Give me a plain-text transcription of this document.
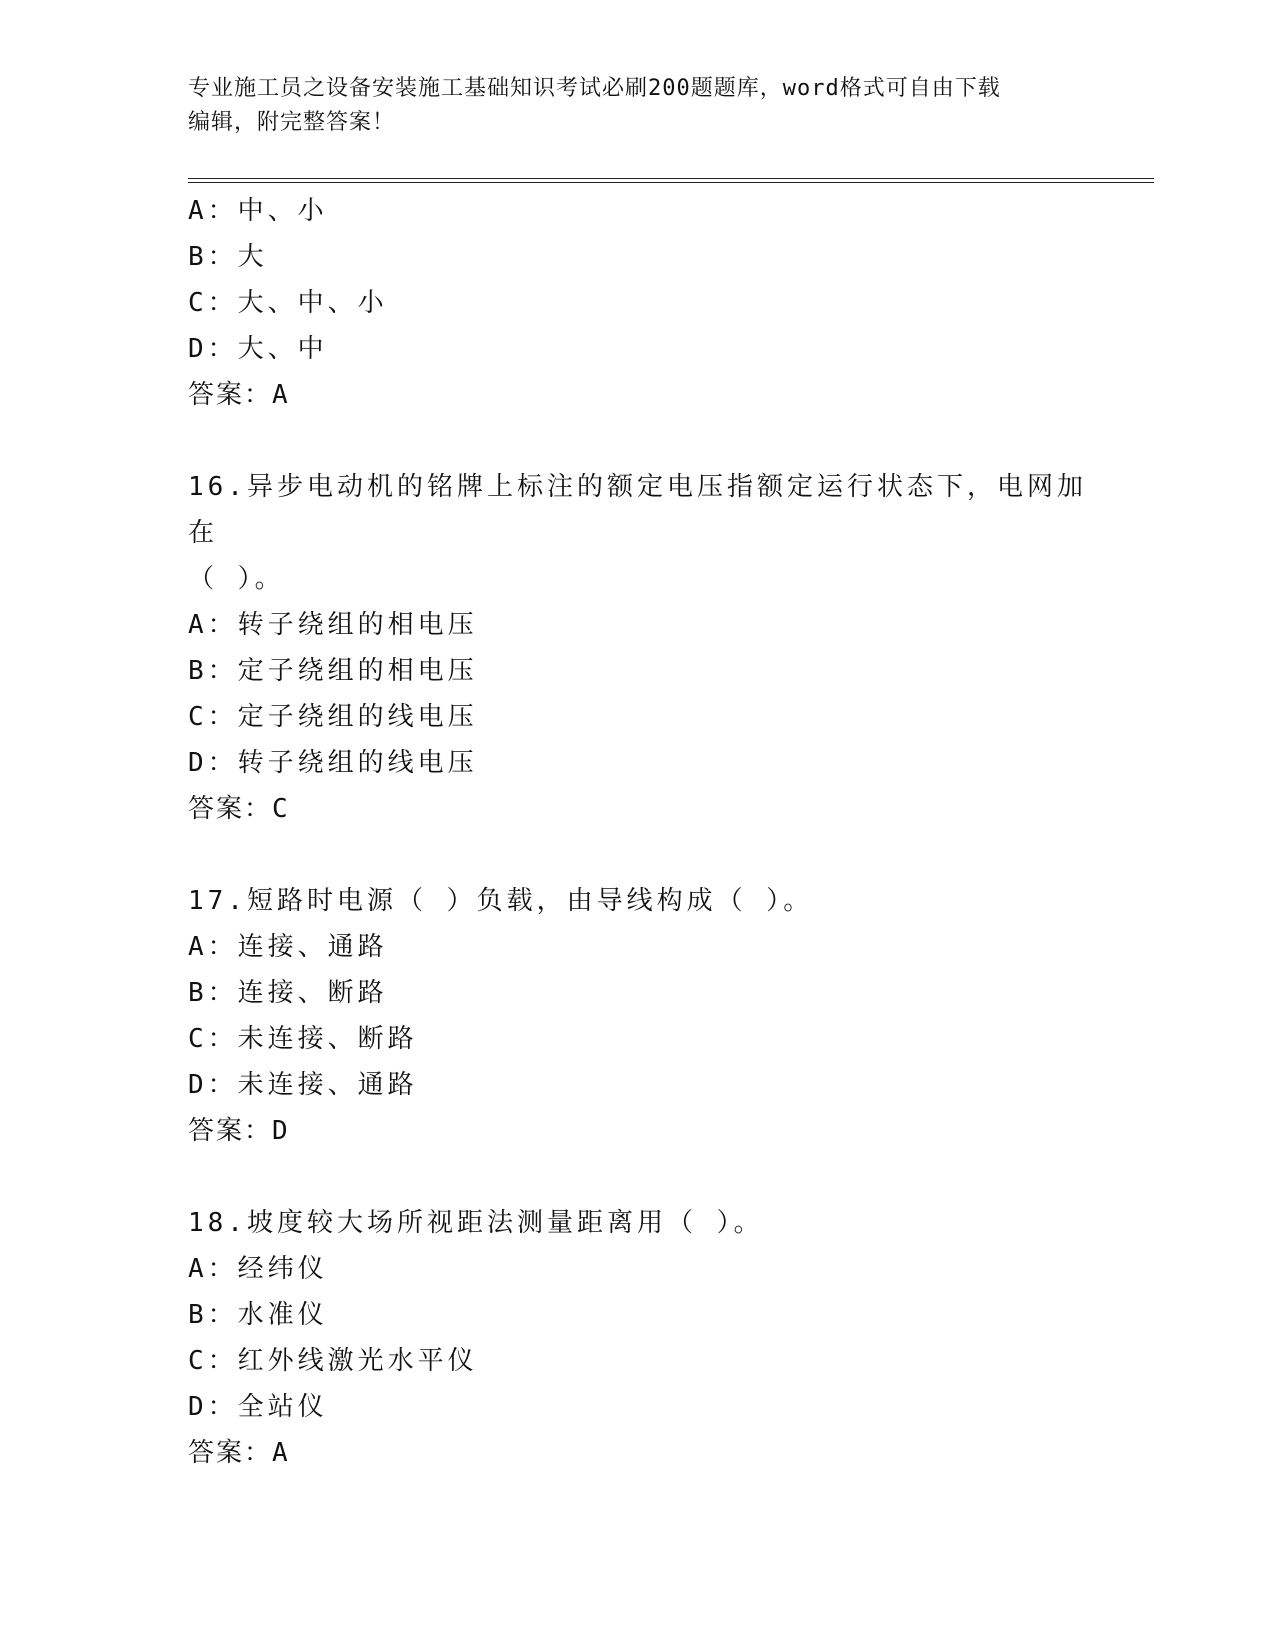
专业施工员之设备安装施工基础知识考试必刷200题题库，word格式可自由下载
编辑，附完整答案！
A：中、小
B：大
C：大、中、小
D：大、中
答案：A
16.异步电动机的铭牌上标注的额定电压指额定运行状态下，电网加在
（ ）。
A：转子绕组的相电压
B：定子绕组的相电压
C：定子绕组的线电压
D：转子绕组的线电压
答案：C
17.短路时电源（ ）负载，由导线构成（ ）。
A：连接、通路
B：连接、断路
C：未连接、断路
D：未连接、通路
答案：D
18.坡度较大场所视距法测量距离用（ ）。
A：经纬仪
B：水准仪
C：红外线激光水平仪
D：全站仪
答案：A
